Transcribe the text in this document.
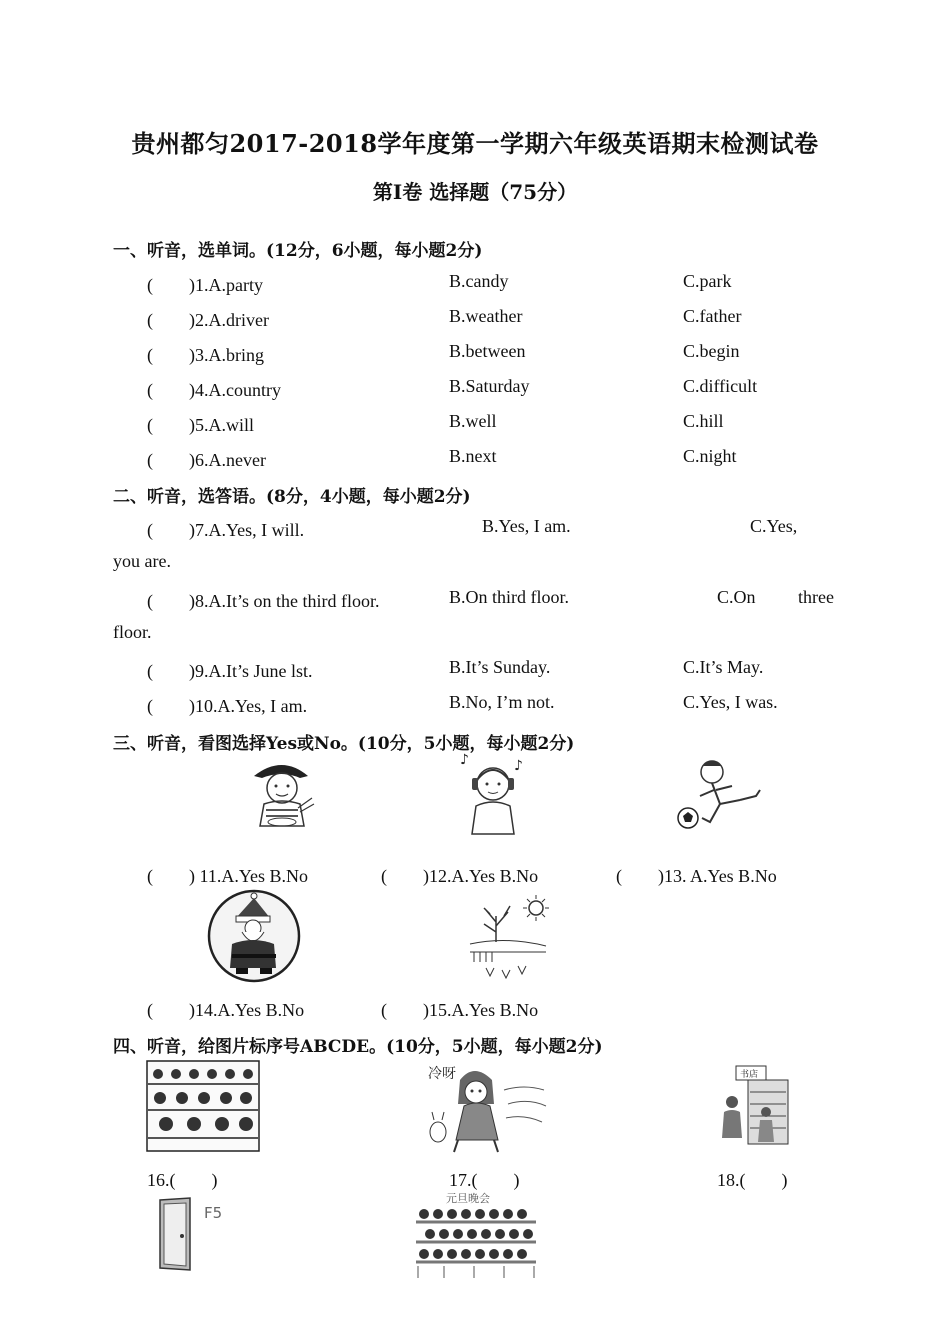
贵州都匀2017-2018学年度第一学期六年级英语期末检测试卷
第Ⅰ卷 选择题（75分）
一、听音，选单词。(12分，6小题，每小题2分)
(　　)1.A.party	B.candy	C.park
(　　)2.A.driver	B.weather	C.father
(　　)3.A.bring	B.between	C.begin
(　　)4.A.country	B.Saturday	C.difficult
(　　)5.A.will	B.well	C.hill
(　　)6.A.never	B.next	C.night
二、听音，选答语。(8分，4小题，每小题2分)
(　　)7.A.Yes, I will.	B.Yes, I am.	C.Yes,
you are.
(　　)8.A.It’s on the third floor.	B.On third floor.	C.On three
floor.
(　　)9.A.It’s June lst.	B.It’s Sunday.	C.It’s May.
(　　)10.A.Yes, I am.	B.No, I’m not.	C.Yes, I was.
三、听音，看图选择Yes或No。(10分，5小题，每小题2分)
♪	♪
(　　) 11.A.Yes B.No	(　　)12.A.Yes B.No	(　　)13. A.Yes B.No
(　　)14.A.Yes B.No	(　　)15.A.Yes B.No
四、听音，给图片标序号ABCDE。(10分，5小题，每小题2分)
冷呀	书店
16.(　　)	17.(　　)	18.(　　)
F5
元旦晚会
